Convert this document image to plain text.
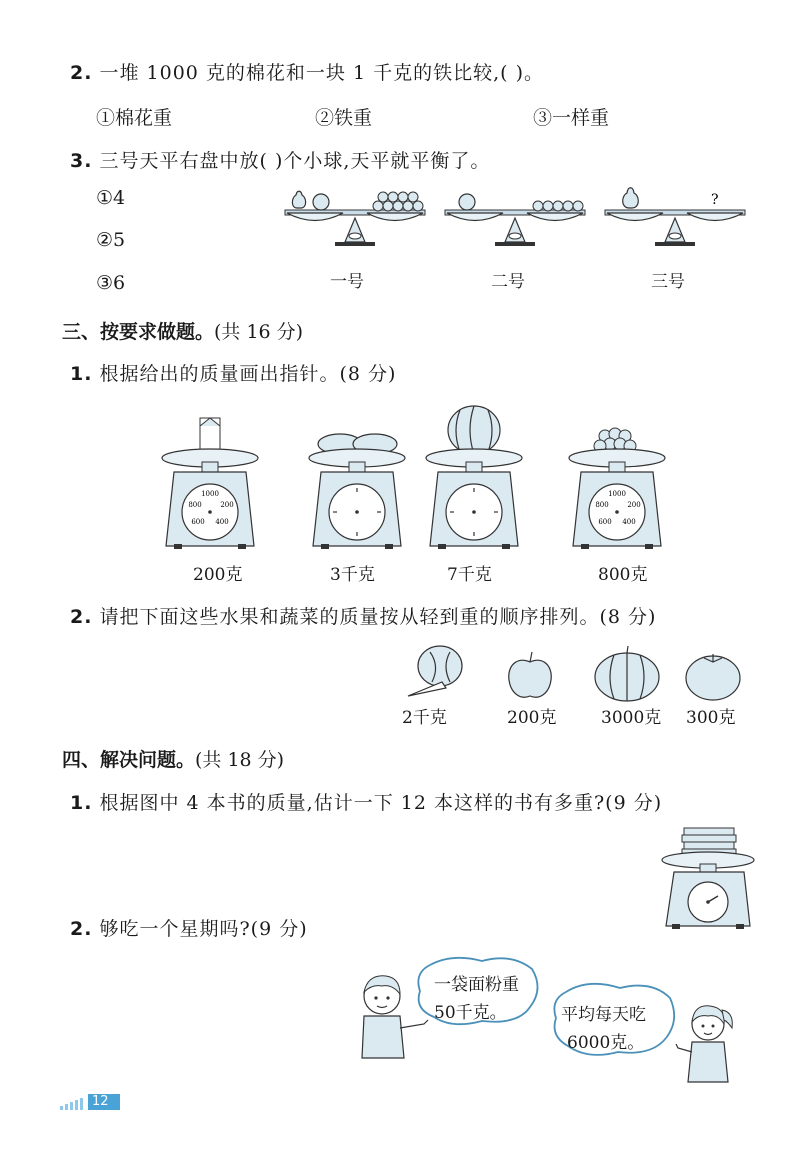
2. 一堆 1000 克的棉花和一块 1 千克的铁比较,( )。
①棉花重	②铁重	③一样重
3. 三号天平右盘中放( )个小球,天平就平衡了。
①4
②5
③6	一号	二号
?
三号
三、按要求做题。(共 16 分)
1. 根据给出的质量画出指针。(8 分)
1000
800	200
600 400
200克	3千克	7千克
1000
800	200
600 400
800克
2. 请把下面这些水果和蔬菜的质量按从轻到重的顺序排列。(8 分)
2千克	200克	3000克 300克
四、解决问题。(共 18 分)
1. 根据图中 4 本书的质量,估计一下 12 本这样的书有多重?(9 分)
2. 够吃一个星期吗?(9 分)
一袋面粉重
50千克。	平均每天吃
6000克。
12
